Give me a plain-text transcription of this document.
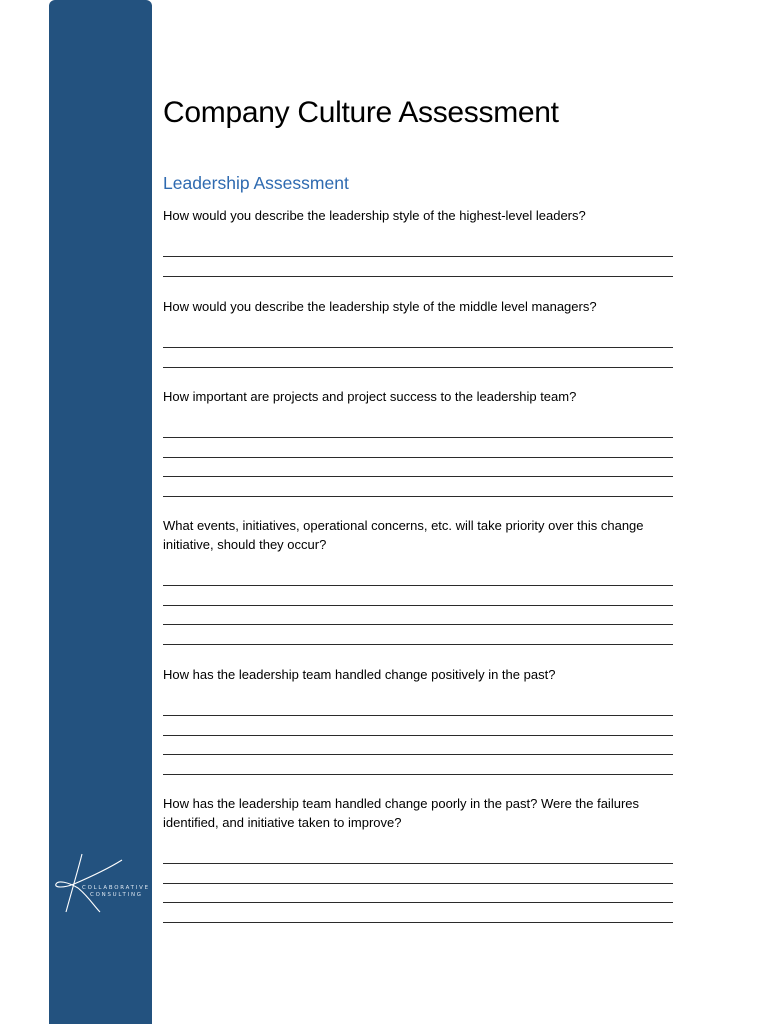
COLLABORATIVE
CONSULTING
Company Culture Assessment
Leadership Assessment

How would you describe the leadership style of the highest-level leaders?

How would you describe the leadership style of the middle level managers?

How important are projects and project success to the leadership team?

What events, initiatives, operational concerns, etc. will take priority over this change initiative, should they occur?

How has the leadership team handled change positively in the past?

How has the leadership team handled change poorly in the past? Were the failures identified, and initiative taken to improve?
